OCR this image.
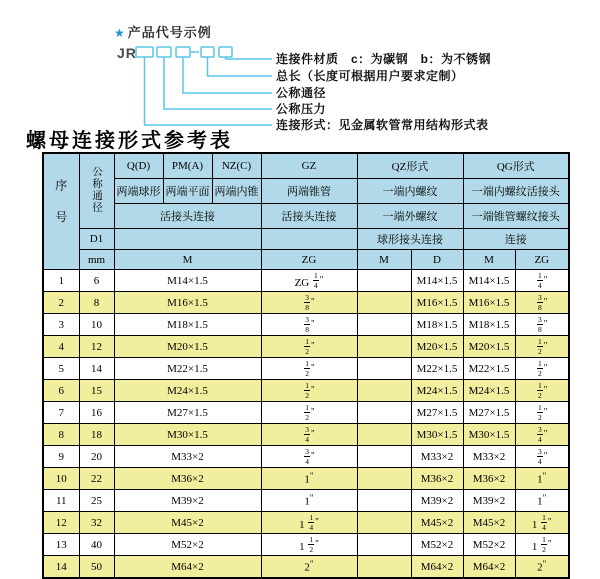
★ 产品代号示例
JR	连接件材质　c：为碳钢　b：为不锈钢
总长（长度可根据用户要求定制）
公称通径
公称压力
连接形式：见金属软管常用结构形式表
螺母连接形式参考表
序号	公称通径	Q(D)	PM(A)	NZ(C)	GZ	QZ形式		QG形式	
		两端球形	两端平面	两端内锥	两端锥管	一端内螺纹		一端内螺纹活接头	
		活接头连接			活接头连接	一端外螺纹		一端锥管螺纹接头	
	D1					球形接头连接		连接	
	mm	M			ZG	M	D	M	ZG
1	6	M14×1.5			ZG $\frac{1}{4} ^"$		M14×1.5	M14×1.5	$\frac{1}{4} ^"$
2	8	M16×1.5			$\frac{3}{8} ^"$		M16×1.5	M16×1.5	$\frac{3}{8} ^"$
3	10	M18×1.5			$\frac{3}{8} ^"$		M18×1.5	M18×1.5	$\frac{3}{8} ^"$
4	12	M20×1.5			$\frac{1}{2} ^"$		M20×1.5	M20×1.5	$\frac{1}{2} ^"$
5	14	M22×1.5			$\frac{1}{2} ^"$		M22×1.5	M22×1.5	$\frac{1}{2} ^"$
6	15	M24×1.5			$\frac{1}{2} ^"$		M24×1.5	M24×1.5	$\frac{1}{2} ^"$
7	16	M27×1.5			$\frac{1}{2} ^"$		M27×1.5	M27×1.5	$\frac{1}{2} ^"$
8	18	M30×1.5			$\frac{3}{4} ^"$		M30×1.5	M30×1.5	$\frac{3}{4} ^"$
9	20	M33×2			$\frac{3}{4} ^"$		M33×2	M33×2	$\frac{3}{4} ^"$
10	22	M36×2			1"		M36×2	M36×2	1"
11	25	M39×2			1"		M39×2	M39×2	1"
12	32	M45×2			$1 \frac{1}{4} ^"$		M45×2	M45×2	$1 \frac{1}{4} ^"$
13	40	M52×2			$1 \frac{1}{2} ^"$		M52×2	M52×2	$1 \frac{1}{2} ^"$
14	50	M64×2			2"		M64×2	M64×2	2"
